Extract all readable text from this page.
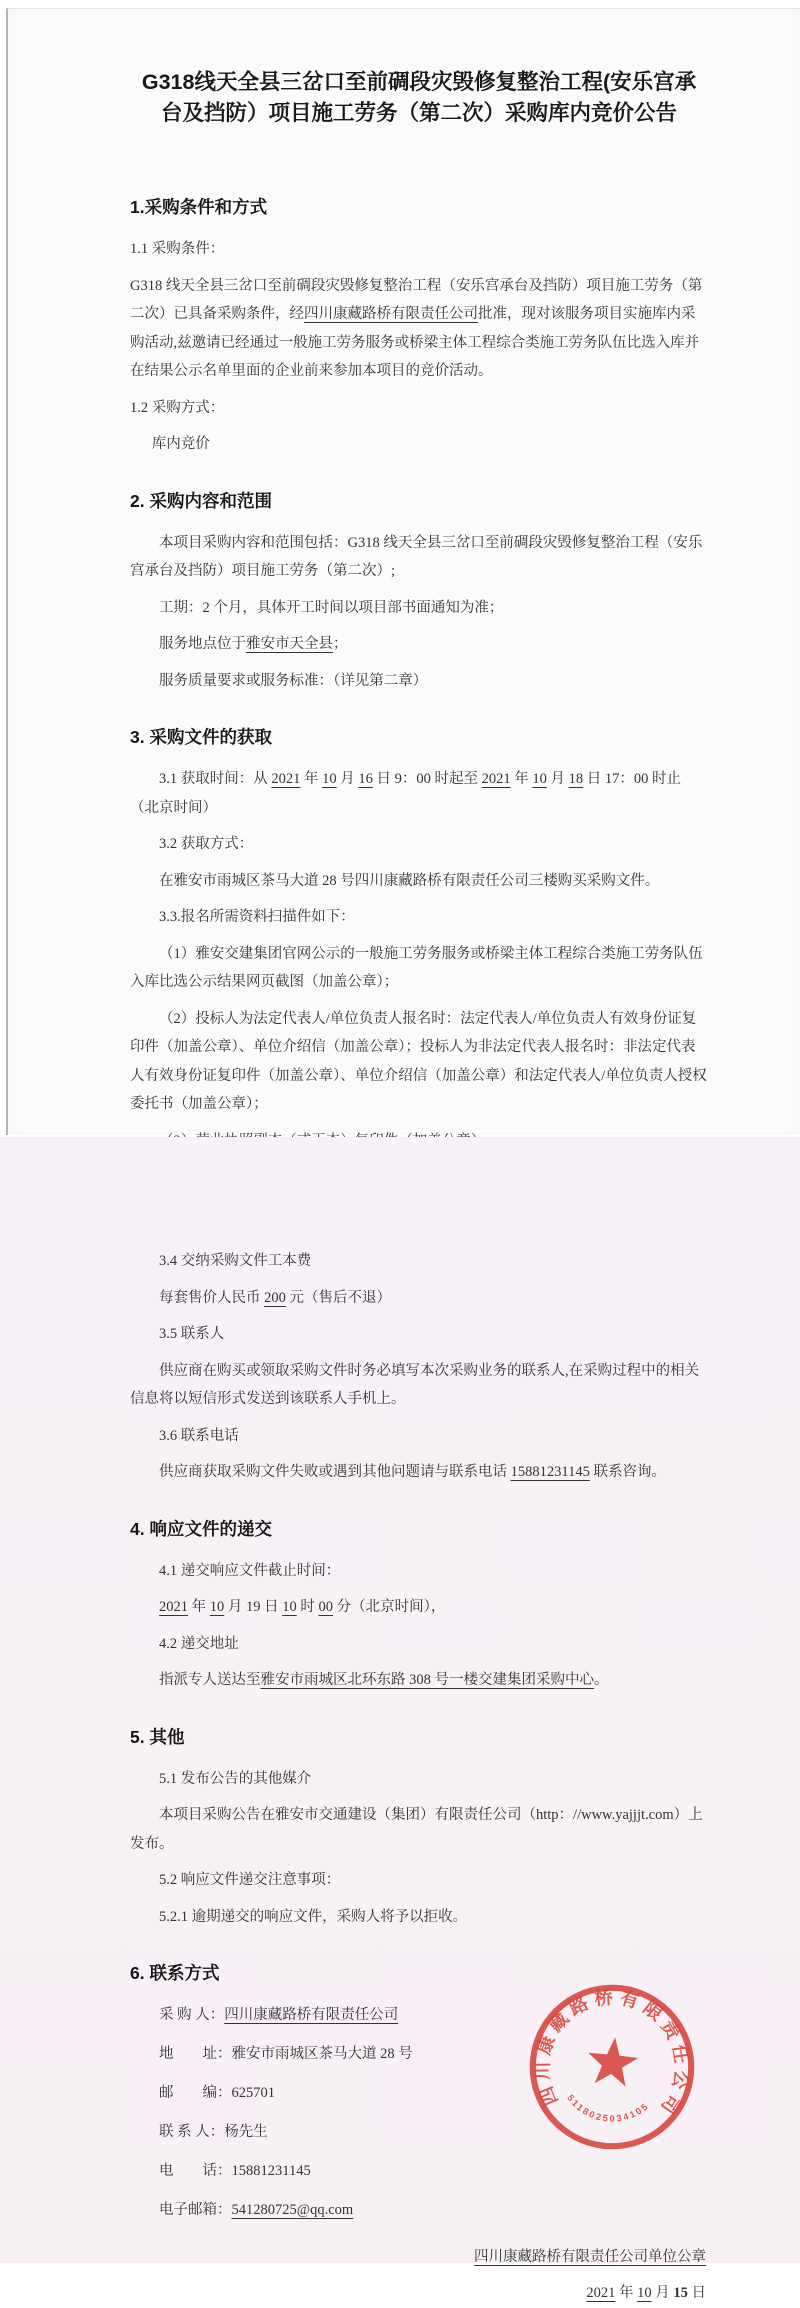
G318线天全县三岔口至前碉段灾毁修复整治工程(安乐宫承
台及挡防）项目施工劳务（第二次）采购库内竞价公告
1.采购条件和方式

1.1 采购条件：

G318 线天全县三岔口至前碉段灾毁修复整治工程（安乐宫承台及挡防）项目施工劳务（第二次）已具备采购条件，经四川康藏路桥有限责任公司批准，现对该服务项目实施库内采购活动,兹邀请已经通过一般施工劳务服务或桥梁主体工程综合类施工劳务队伍比选入库并在结果公示名单里面的企业前来参加本项目的竞价活动。

1.2 采购方式：

库内竞价

2. 采购内容和范围

本项目采购内容和范围包括：G318 线天全县三岔口至前碉段灾毁修复整治工程（安乐宫承台及挡防）项目施工劳务（第二次）;

工期：2 个月，具体开工时间以项目部书面通知为准；

服务地点位于雅安市天全县；

服务质量要求或服务标准：（详见第二章）

3. 采购文件的获取

3.1 获取时间：从 2021 年 10 月 16 日 9：00 时起至 2021 年 10 月 18 日 17：00 时止（北京时间）

3.2 获取方式：

在雅安市雨城区茶马大道 28 号四川康藏路桥有限责任公司三楼购买采购文件。

3.3.报名所需资料扫描件如下：

（1）雅安交建集团官网公示的一般施工劳务服务或桥梁主体工程综合类施工劳务队伍入库比选公示结果网页截图（加盖公章）；

（2）投标人为法定代表人/单位负责人报名时：法定代表人/单位负责人有效身份证复印件（加盖公章）、单位介绍信（加盖公章）；投标人为非法定代表人报名时：非法定代表人有效身份证复印件（加盖公章）、单位介绍信（加盖公章）和法定代表人/单位负责人授权委托书（加盖公章）；

3.4 交纳采购文件工本费

每套售价人民币 200 元（售后不退）

3.5 联系人

供应商在购买或领取采购文件时务必填写本次采购业务的联系人,在采购过程中的相关信息将以短信形式发送到该联系人手机上。

3.6 联系电话

供应商获取采购文件失败或遇到其他问题请与联系电话 15881231145 联系咨询。

4. 响应文件的递交

4.1 递交响应文件截止时间：

2021 年 10 月 19 日 10 时 00 分（北京时间），

4.2 递交地址

指派专人送达至雅安市雨城区北环东路 308 号一楼交建集团采购中心。

5. 其他

5.1 发布公告的其他媒介

本项目采购公告在雅安市交通建设（集团）有限责任公司（http：//www.yajjjt.com）上发布。

5.2 响应文件递交注意事项：

5.2.1 逾期递交的响应文件，采购人将予以拒收。

6. 联系方式

采 购 人：四川康藏路桥有限责任公司

地　　址：雅安市雨城区茶马大道 28 号

邮　　编：625701

联 系 人：杨先生

电　　话：15881231145

电子邮箱：541280725@qq.com

四川康藏路桥有限责任公司单位公章

2021 年 10 月 15 日

四川康藏路桥有限责任公司
5118025034105
